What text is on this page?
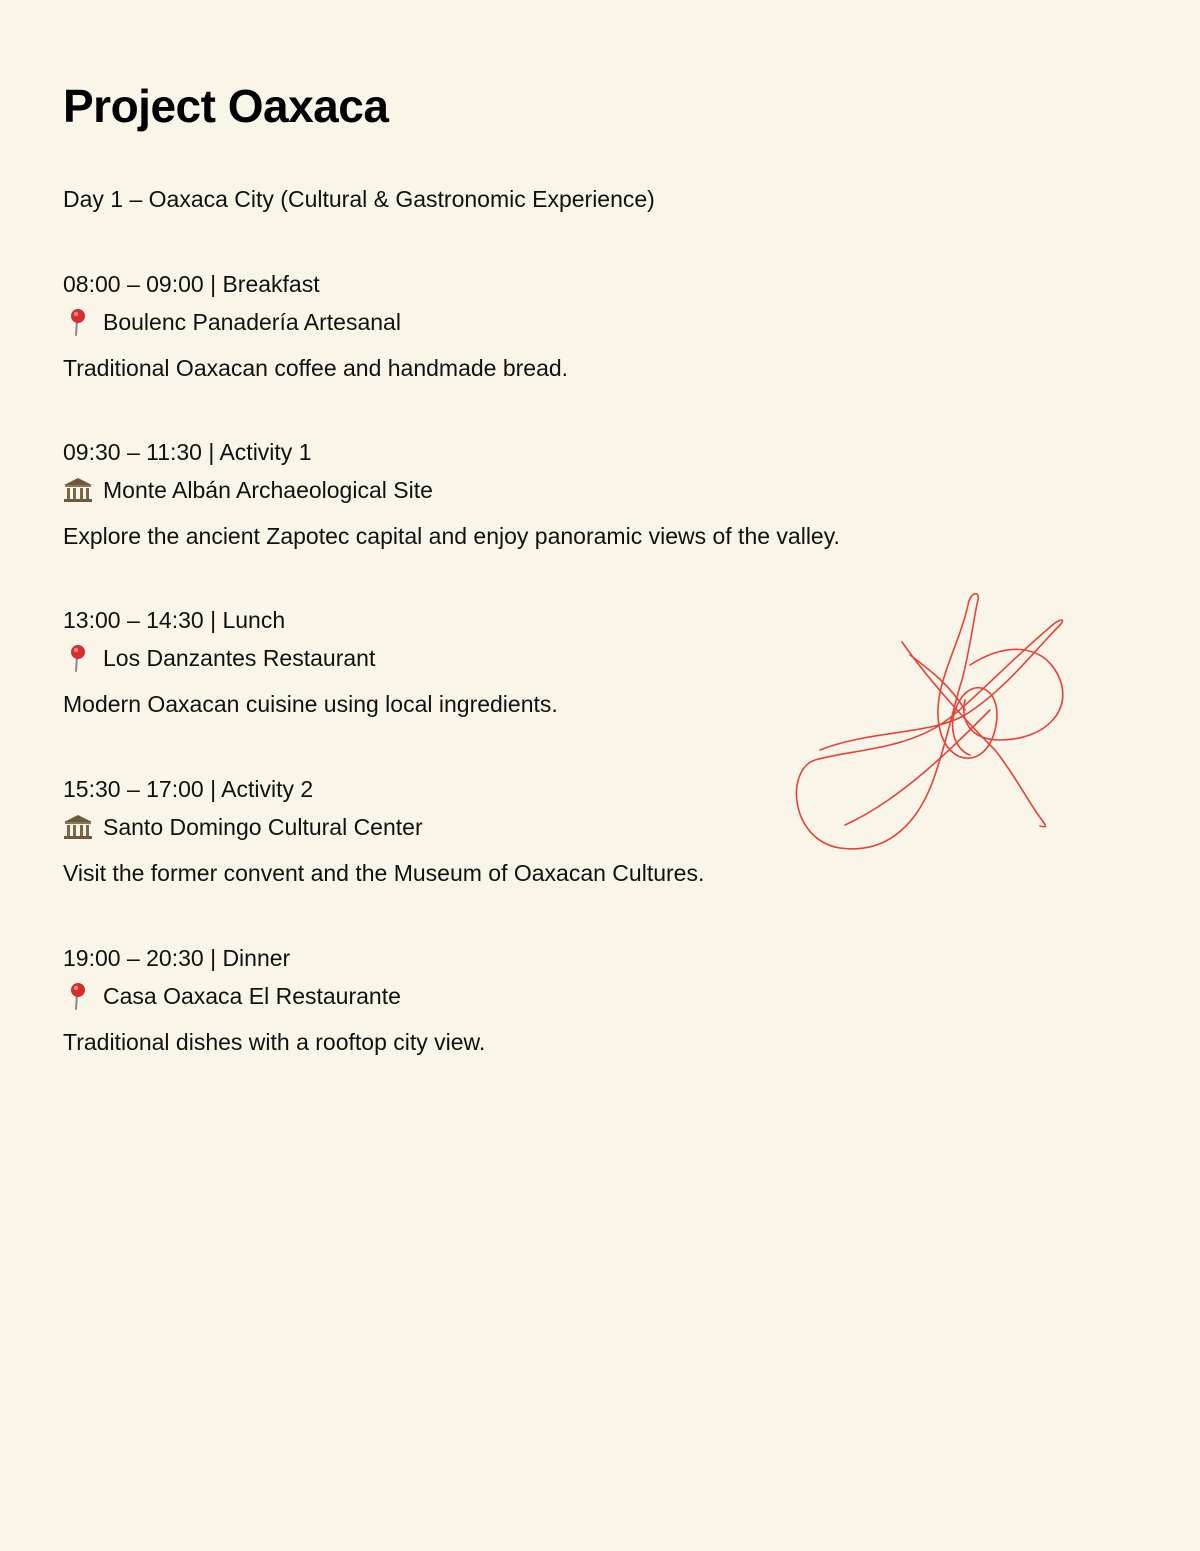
Project Oaxaca
Day 1 – Oaxaca City (Cultural & Gastronomic Experience)
08:00 – 09:00 | Breakfast
Boulenc Panadería Artesanal
Traditional Oaxacan coffee and handmade bread.
09:30 – 11:30 | Activity 1
Monte Albán Archaeological Site
Explore the ancient Zapotec capital and enjoy panoramic views of the valley.
13:00 – 14:30 | Lunch
Los Danzantes Restaurant
Modern Oaxacan cuisine using local ingredients.
15:30 – 17:00 | Activity 2
Santo Domingo Cultural Center
Visit the former convent and the Museum of Oaxacan Cultures.
19:00 – 20:30 | Dinner
Casa Oaxaca El Restaurante
Traditional dishes with a rooftop city view.
